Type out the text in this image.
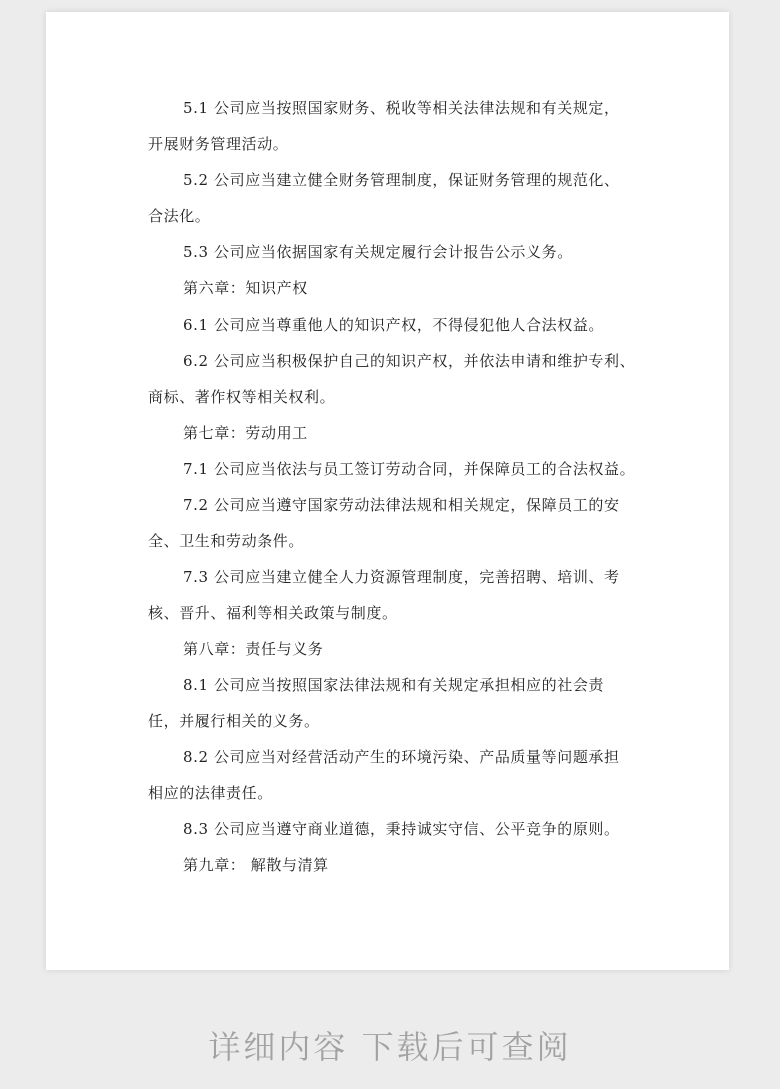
5.1 公司应当按照国家财务、税收等相关法律法规和有关规定，
开展财务管理活动。
5.2 公司应当建立健全财务管理制度，保证财务管理的规范化、
合法化。
5.3 公司应当依据国家有关规定履行会计报告公示义务。
第六章：知识产权
6.1 公司应当尊重他人的知识产权，不得侵犯他人合法权益。
6.2 公司应当积极保护自己的知识产权，并依法申请和维护专利、
商标、著作权等相关权利。
第七章：劳动用工
7.1 公司应当依法与员工签订劳动合同，并保障员工的合法权益。
7.2 公司应当遵守国家劳动法律法规和相关规定，保障员工的安
全、卫生和劳动条件。
7.3 公司应当建立健全人力资源管理制度，完善招聘、培训、考
核、晋升、福利等相关政策与制度。
第八章：责任与义务
8.1 公司应当按照国家法律法规和有关规定承担相应的社会责
任，并履行相关的义务。
8.2 公司应当对经营活动产生的环境污染、产品质量等问题承担
相应的法律责任。
8.3 公司应当遵守商业道德，秉持诚实守信、公平竞争的原则。
第九章： 解散与清算
详细内容 下载后可查阅
